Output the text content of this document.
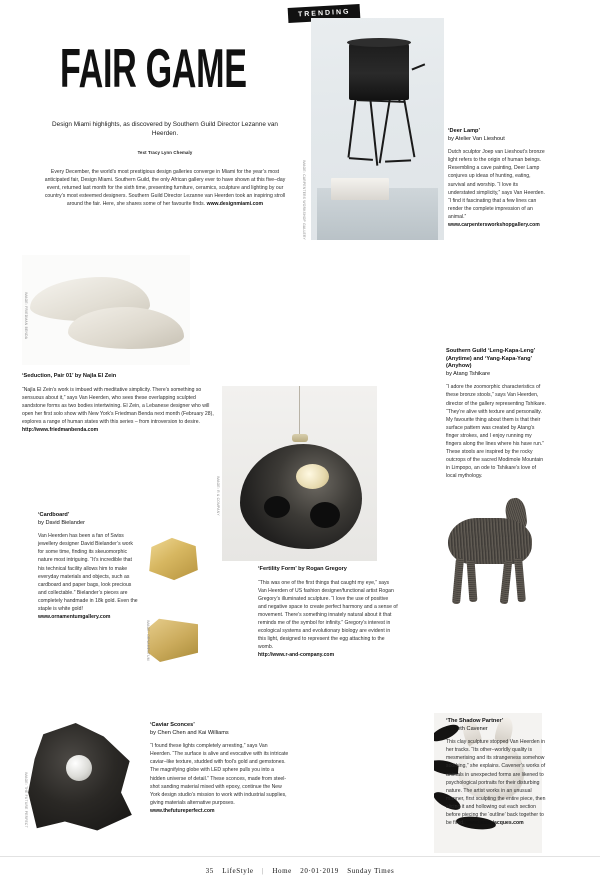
TRENDING
FAIR GAME
Design Miami highlights, as discovered by Southern Guild Director Lezanne van Heerden.
Text Tracy Lynn Chemaly
Every December, the world’s most prestigious design galleries converge in Miami for the year’s most anticipated fair, Design Miami. Southern Guild, the only African gallery ever to have shown at this five–day event, returned last month for the sixth time, presenting furniture, ceramics, sculpture and lighting by our country’s most esteemed designers. Southern Guild Director Lezanne van Heerden took an inspiring stroll around the fair. Here, she shares some of her favourite finds. www.designmiami.com	IMAGE: CARPENTERS WORKSHOP GALLERY
‘Deer Lamp’
by Atelier Van Lieshout
Dutch sculptor Joep van Lieshout’s bronze light refers to the origin of human beings. Resembling a cave painting, Deer Lamp conjures up ideas of hunting, eating, survival and worship. “I love its understated simplicity,” says Van Heerden. “I find it fascinating that a few lines can render the complete impression of an animal.” www.carpentersworkshopgallery.com
IMAGE: FRIEDMAN BENDA
‘Seduction, Pair 01’ by Najla El Zein
“Najla El Zein’s work is imbued with meditative simplicity. There’s something so sensuous about it,” says Van Heerden, who sees these overlapping sculpted sandstone forms as two bodies intertwining. El Zein, a Lebanese designer who will open her first solo show with New York’s Friedman Benda next month (February 28), explores a range of human states with this series – from introversion to desire.
http://www.friedmanbenda.com
IMAGE: ORNAMENTUM
‘Cardboard’
by David Bielander
Van Heerden has been a fan of Swiss jewellery designer David Bielander’s work for some time, finding its skeuomorphic nature most intriguing. “It’s incredible that his technical facility allows him to make everyday materials and objects, such as cardboard and paper bags, look precious and collectable.” Bielander’s pieces are completely handmade in 18k gold. Even the staple is white gold!
www.ornamentumgallery.com
IMAGE: R & COMPANY
‘Fertility Form’ by Rogan Gregory
“This was one of the first things that caught my eye,” says Van Heerden of US fashion designer/functional artist Rogan Gregory’s illuminated sculpture. “I love the use of positive and negative space to create perfect harmony and a sense of movement. There’s something innately natural about it that reminds me of the symbol for infinity.” Gregory’s interest in ecological systems and evolutionary biology are evident in this light, designed to represent the egg attaching to the womb.
http://www.r-and-company.com
Southern Guild ‘Leng-Kapa-Leng’ (Anytime) and ‘Yang-Kapa-Yang’ (Anyhow)
by Atang Tshikare
“I adore the zoomorphic characteristics of these bronze stools,” says Van Heerden, director of the gallery representing Tshikare. “They’re alive with texture and personality. My favourite thing about them is that their surface pattern was created by Atang’s finger strokes, and I enjoy running my fingers along the lines where his have run.” These stools are inspired by the rocky outcrops of the sacred Modimole Mountain in Limpopo, an ode to Tshikare’s love of local mythology.
IMAGE: THE FUTURE PERFECT
‘Caviar Sconces’
by Chen Chen and Kai Williams
“I found these lights completely arresting,” says Van Heerden. “The surface is alive and evocative with its intricate caviar–like texture, studded with fool’s gold and gemstones. The magnifying globe with LED sphere pulls you into a hidden universe of detail.” These sconces, made from steel-shot sanding material mixed with epoxy, continue the New York design studio’s mission to work with industrial supplies, giving materials alternative purposes. www.thefutureperfect.com
‘The Shadow Partner’
by Beth Cavener
This clay sculpture stopped Van Heerden in her tracks. “Its other–worldly quality is mesmerising and its strangeness somehow soothing,” she explains. Cavener’s works of animals in unexpected forms are likened to psychological portraits for their disturbing nature. The artist works in an unusual manner, first sculpting the entire piece, then slicing it and hollowing out each section before piecing the ‘outline’ back together to be fired. www.jasonjacques.com
35 LifeStyle | Home 20·01·2019 Sunday Times
